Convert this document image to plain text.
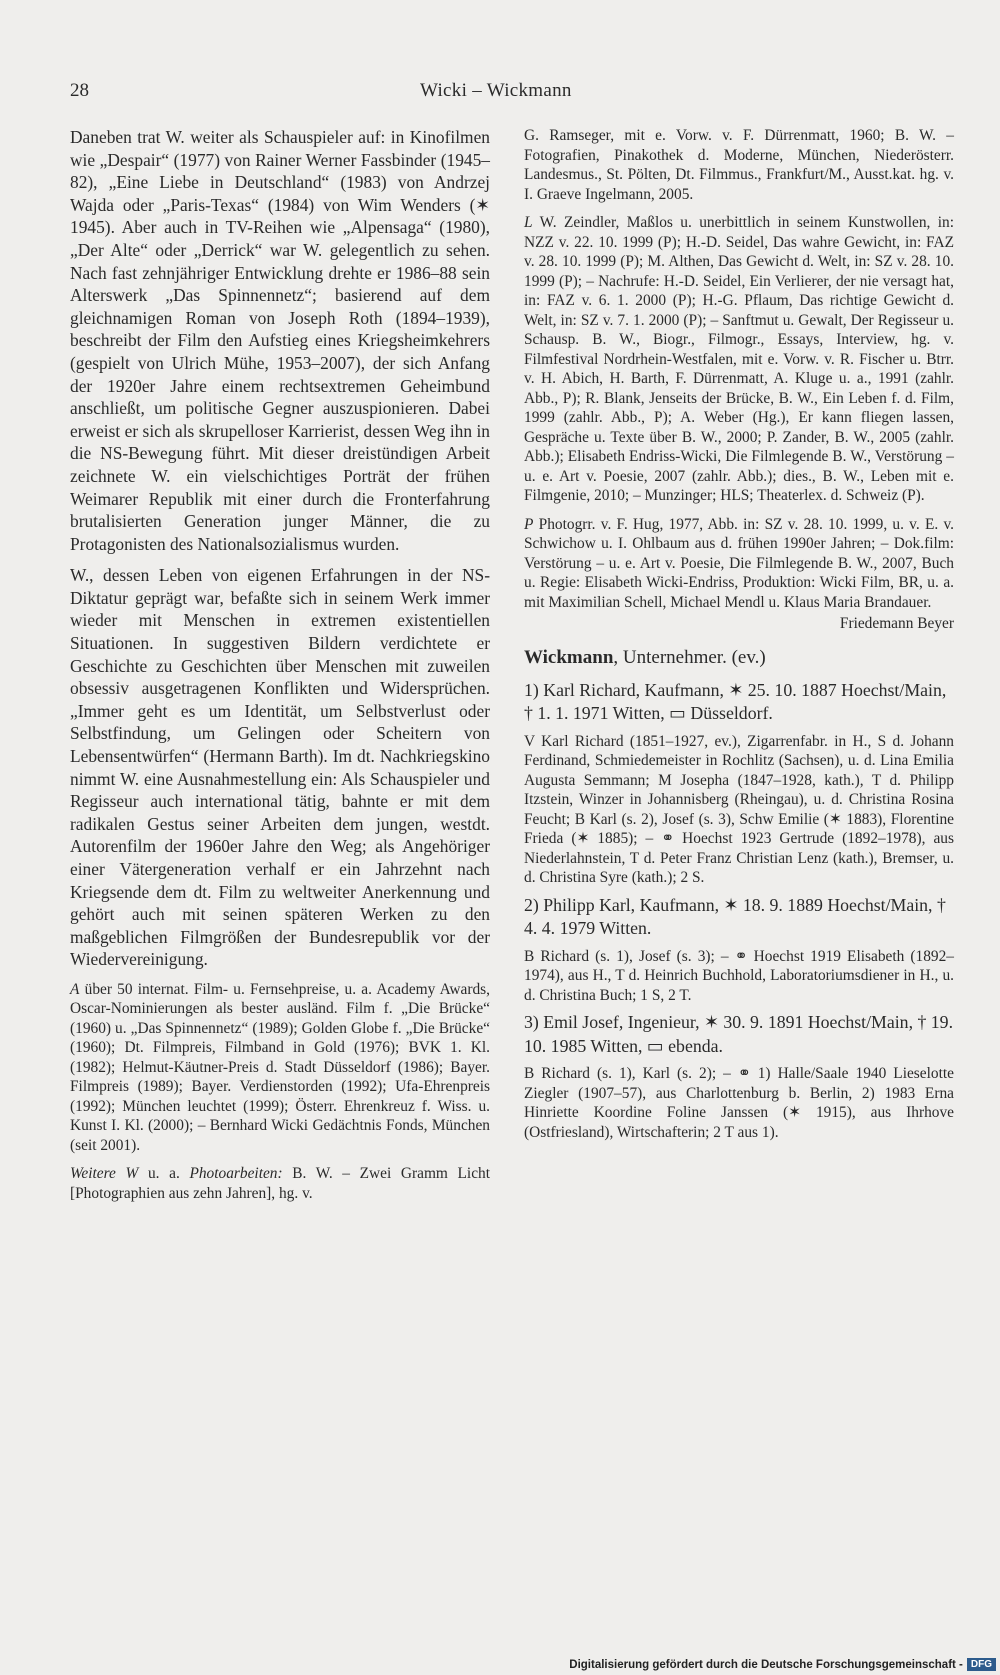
28	Wicki – Wickmann

Daneben trat W. weiter als Schauspieler auf: in Kinofilmen wie „Despair“ (1977) von Rainer Werner Fassbinder (1945–82), „Eine Liebe in Deutschland“ (1983) von Andrzej Wajda oder „Paris-Texas“ (1984) von Wim Wenders (✶ 1945). Aber auch in TV-Reihen wie „Alpensaga“ (1980), „Der Alte“ oder „Derrick“ war W. gelegentlich zu sehen. Nach fast zehnjähriger Entwicklung drehte er 1986–88 sein Alterswerk „Das Spinnennetz“; basierend auf dem gleichnamigen Roman von Joseph Roth (1894–1939), beschreibt der Film den Aufstieg eines Kriegsheimkehrers (gespielt von Ulrich Mühe, 1953–2007), der sich Anfang der 1920er Jahre einem rechtsextremen Geheimbund anschließt, um politische Gegner auszuspionieren. Dabei erweist er sich als skrupelloser Karrierist, dessen Weg ihn in die NS-Bewegung führt. Mit dieser dreistündigen Arbeit zeichnete W. ein vielschichtiges Porträt der frühen Weimarer Republik mit einer durch die Fronterfahrung brutalisierten Generation junger Männer, die zu Protagonisten des Nationalsozialismus wurden.

W., dessen Leben von eigenen Erfahrungen in der NS-Diktatur geprägt war, befaßte sich in seinem Werk immer wieder mit Menschen in extremen existentiellen Situationen. In suggestiven Bildern verdichtete er Geschichte zu Geschichten über Menschen mit zuweilen obsessiv ausgetragenen Konflikten und Widersprüchen. „Immer geht es um Identität, um Selbstverlust oder Selbstfindung, um Gelingen oder Scheitern von Lebensentwürfen“ (Hermann Barth). Im dt. Nachkriegskino nimmt W. eine Ausnahmestellung ein: Als Schauspieler und Regisseur auch international tätig, bahnte er mit dem radikalen Gestus seiner Arbeiten dem jungen, westdt. Autorenfilm der 1960er Jahre den Weg; als Angehöriger einer Vätergeneration verhalf er ein Jahrzehnt nach Kriegsende dem dt. Film zu weltweiter Anerkennung und gehört auch mit seinen späteren Werken zu den maßgeblichen Filmgrößen der Bundesrepublik vor der Wiedervereinigung.

A über 50 internat. Film- u. Fernsehpreise, u. a. Academy Awards, Oscar-Nominierungen als bester ausländ. Film f. „Die Brücke“ (1960) u. „Das Spinnennetz“ (1989); Golden Globe f. „Die Brücke“ (1960); Dt. Filmpreis, Filmband in Gold (1976); BVK 1. Kl. (1982); Helmut-Käutner-Preis d. Stadt Düsseldorf (1986); Bayer. Filmpreis (1989); Bayer. Verdienstorden (1992); Ufa-Ehrenpreis (1992); München leuchtet (1999); Österr. Ehrenkreuz f. Wiss. u. Kunst I. Kl. (2000); – Bernhard Wicki Gedächtnis Fonds, München (seit 2001).

Weitere W u. a. Photoarbeiten: B. W. – Zwei Gramm Licht [Photographien aus zehn Jahren], hg. v.

G. Ramseger, mit e. Vorw. v. F. Dürrenmatt, 1960; B. W. – Fotografien, Pinakothek d. Moderne, München, Niederösterr. Landesmus., St. Pölten, Dt. Filmmus., Frankfurt/M., Ausst.kat. hg. v. I. Graeve Ingelmann, 2005.

L W. Zeindler, Maßlos u. unerbittlich in seinem Kunstwollen, in: NZZ v. 22. 10. 1999 (P); H.-D. Seidel, Das wahre Gewicht, in: FAZ v. 28. 10. 1999 (P); M. Althen, Das Gewicht d. Welt, in: SZ v. 28. 10. 1999 (P); – Nachrufe: H.-D. Seidel, Ein Verlierer, der nie versagt hat, in: FAZ v. 6. 1. 2000 (P); H.-G. Pflaum, Das richtige Gewicht d. Welt, in: SZ v. 7. 1. 2000 (P); – Sanftmut u. Gewalt, Der Regisseur u. Schausp. B. W., Biogr., Filmogr., Essays, Interview, hg. v. Filmfestival Nordrhein-Westfalen, mit e. Vorw. v. R. Fischer u. Btrr. v. H. Abich, H. Barth, F. Dürrenmatt, A. Kluge u. a., 1991 (zahlr. Abb., P); R. Blank, Jenseits der Brücke, B. W., Ein Leben f. d. Film, 1999 (zahlr. Abb., P); A. Weber (Hg.), Er kann fliegen lassen, Gespräche u. Texte über B. W., 2000; P. Zander, B. W., 2005 (zahlr. Abb.); Elisabeth Endriss-Wicki, Die Filmlegende B. W., Verstörung – u. e. Art v. Poesie, 2007 (zahlr. Abb.); dies., B. W., Leben mit e. Filmgenie, 2010; – Munzinger; HLS; Theaterlex. d. Schweiz (P).

P Photogrr. v. F. Hug, 1977, Abb. in: SZ v. 28. 10. 1999, u. v. E. v. Schwichow u. I. Ohlbaum aus d. frühen 1990er Jahren; – Dok.film: Verstörung – u. e. Art v. Poesie, Die Filmlegende B. W., 2007, Buch u. Regie: Elisabeth Wicki-Endriss, Produktion: Wicki Film, BR, u. a. mit Maximilian Schell, Michael Mendl u. Klaus Maria Brandauer.

Friedemann Beyer

Wickmann, Unternehmer. (ev.)

1) Karl Richard, Kaufmann, ✶ 25. 10. 1887 Hoechst/Main, † 1. 1. 1971 Witten, ▭ Düsseldorf.

V Karl Richard (1851–1927, ev.), Zigarrenfabr. in H., S d. Johann Ferdinand, Schmiedemeister in Rochlitz (Sachsen), u. d. Lina Emilia Augusta Semmann; M Josepha (1847–1928, kath.), T d. Philipp Itzstein, Winzer in Johannisberg (Rheingau), u. d. Christina Rosina Feucht; B Karl (s. 2), Josef (s. 3), Schw Emilie (✶ 1883), Florentine Frieda (✶ 1885); – ⚭ Hoechst 1923 Gertrude (1892–1978), aus Niederlahnstein, T d. Peter Franz Christian Lenz (kath.), Bremser, u. d. Christina Syre (kath.); 2 S.

2) Philipp Karl, Kaufmann, ✶ 18. 9. 1889 Hoechst/Main, † 4. 4. 1979 Witten.

B Richard (s. 1), Josef (s. 3); – ⚭ Hoechst 1919 Elisabeth (1892–1974), aus H., T d. Heinrich Buchhold, Laboratoriumsdiener in H., u. d. Christina Buch; 1 S, 2 T.

3) Emil Josef, Ingenieur, ✶ 30. 9. 1891 Hoechst/Main, † 19. 10. 1985 Witten, ▭ ebenda.

B Richard (s. 1), Karl (s. 2); – ⚭ 1) Halle/Saale 1940 Lieselotte Ziegler (1907–57), aus Charlottenburg b. Berlin, 2) 1983 Erna Hinriette Koordine Foline Janssen (✶ 1915), aus Ihrhove (Ostfriesland), Wirtschafterin; 2 T aus 1).

Digitalisierung gefördert durch die Deutsche Forschungsgemeinschaft - DFG
